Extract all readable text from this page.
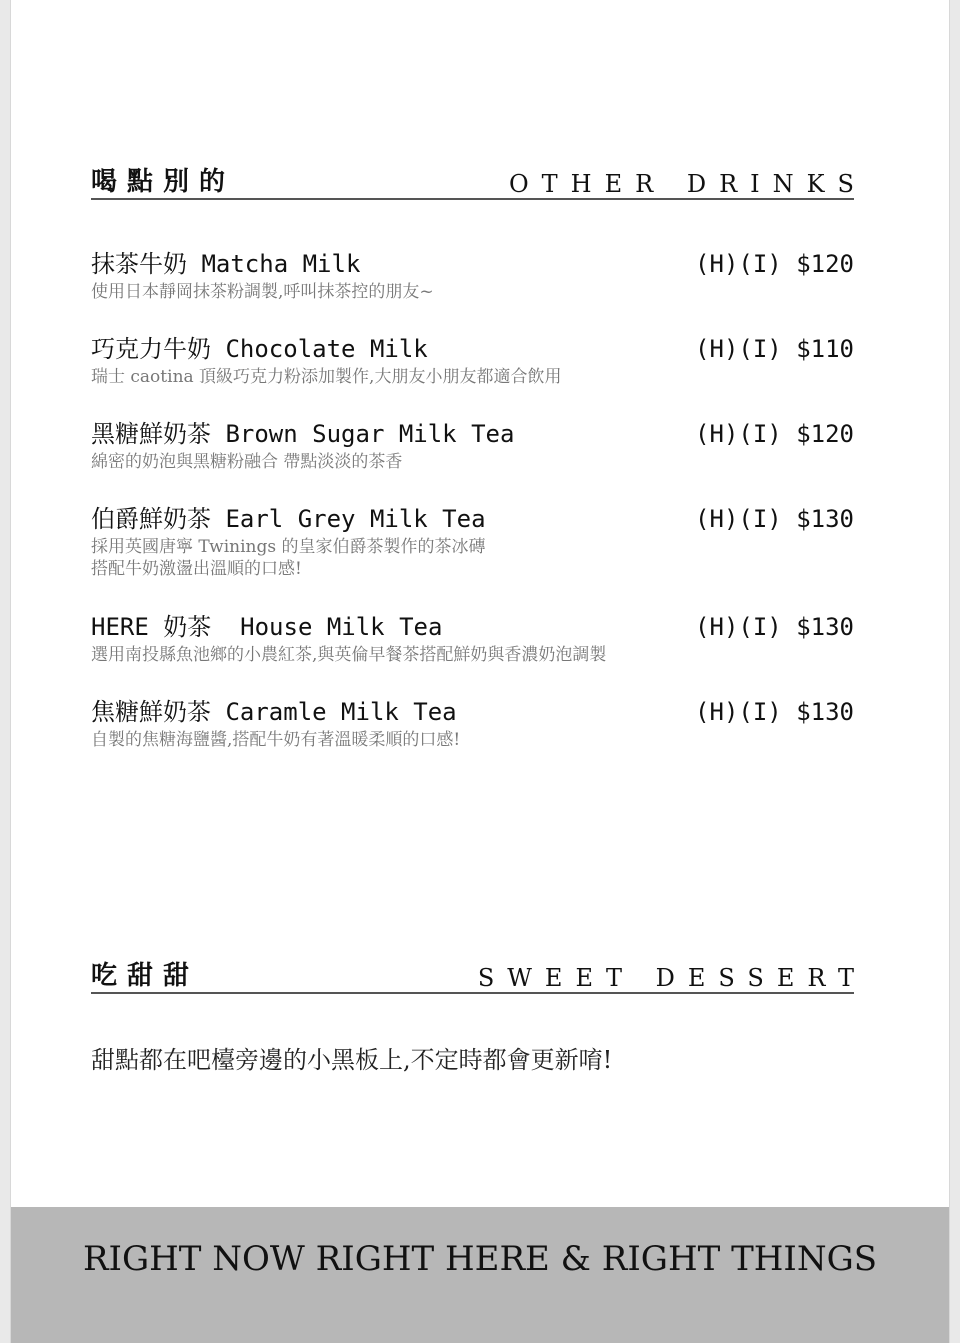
喝點別的	OTHER DRINKS
抹茶牛奶 Matcha Milk	(H)(I) $120
使用日本靜岡抹茶粉調製,呼叫抹茶控的朋友~
巧克力牛奶 Chocolate Milk	(H)(I) $110
瑞士 caotina 頂級巧克力粉添加製作,大朋友小朋友都適合飲用
黑糖鮮奶茶 Brown Sugar Milk Tea	(H)(I) $120
綿密的奶泡與黑糖粉融合 帶點淡淡的茶香
伯爵鮮奶茶 Earl Grey Milk Tea	(H)(I) $130
採用英國唐寧 Twinings 的皇家伯爵茶製作的茶冰磚
搭配牛奶激盪出溫順的口感!
HERE 奶茶  House Milk Tea	(H)(I) $130
選用南投縣魚池鄉的小農紅茶,與英倫早餐茶搭配鮮奶與香濃奶泡調製
焦糖鮮奶茶 Caramle Milk Tea	(H)(I) $130
自製的焦糖海鹽醬,搭配牛奶有著溫暖柔順的口感!
吃甜甜	SWEET DESSERT
甜點都在吧檯旁邊的小黑板上,不定時都會更新唷!
RIGHT NOW RIGHT HERE & RIGHT THINGS
